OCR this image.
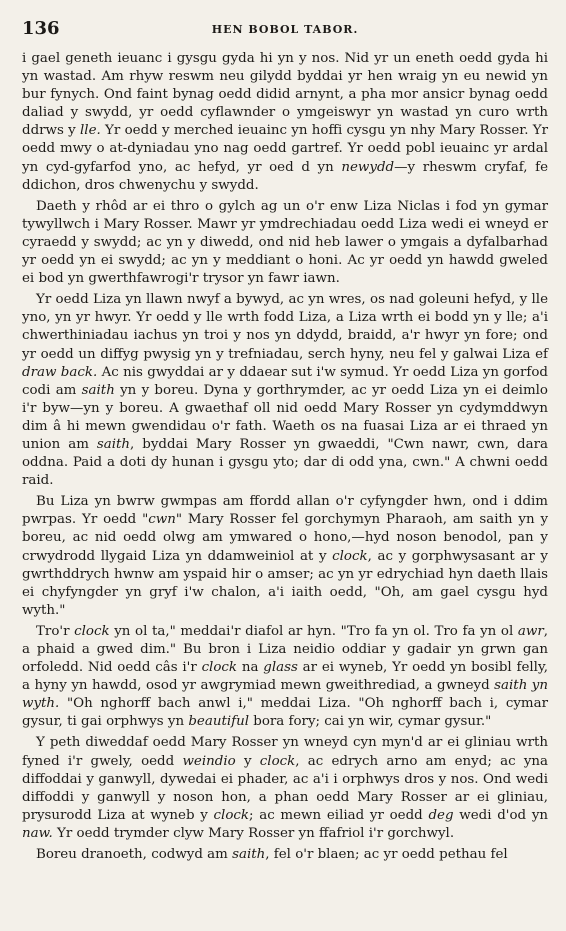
136	HEN BOBOL TABOR.

i gael geneth ieuanc i gysgu gyda hi yn y nos. Nid yr un eneth oedd gyda hi yn wastad. Am rhyw reswm neu gilydd byddai yr hen wraig yn eu newid yn bur fynych. Ond faint bynag oedd didid arnynt, a pha mor ansicr bynag oedd daliad y swydd, yr oedd cyflawnder o ymgeiswyr yn wastad yn curo wrth ddrws y lle. Yr oedd y merched ieuainc yn hoffi cysgu yn nhy Mary Rosser. Yr oedd mwy o at-dyniadau yno nag oedd gartref. Yr oedd pobl ieuainc yr ardal yn cyd-gyfarfod yno, ac hefyd, yr oed d yn newydd—y rheswm cryfaf, fe ddichon, dros chwenychu y swydd.

Daeth y rhôd ar ei thro o gylch ag un o'r enw Liza Niclas i fod yn gymar tywyllwch i Mary Rosser. Mawr yr ymdrechiadau oedd Liza wedi ei wneyd er cyraedd y swydd; ac yn y diwedd, ond nid heb lawer o ymgais a dyfalbarhad yr oedd yn ei swydd; ac yn y meddiant o honi. Ac yr oedd yn hawdd gweled ei bod yn gwerthfawrogi'r trysor yn fawr iawn.

Yr oedd Liza yn llawn nwyf a bywyd, ac yn wres, os nad goleuni hefyd, y lle yno, yn yr hwyr. Yr oedd y lle wrth fodd Liza, a Liza wrth ei bodd yn y lle; a'i chwerthiniadau iachus yn troi y nos yn ddydd, braidd, a'r hwyr yn fore; ond yr oedd un diffyg pwysig yn y trefniadau, serch hyny, neu fel y galwai Liza ef draw back. Ac nis gwyddai ar y ddaear sut i'w symud. Yr oedd Liza yn gorfod codi am saith yn y boreu. Dyna y gorthrymder, ac yr oedd Liza yn ei deimlo i'r byw—yn y boreu. A gwaethaf oll nid oedd Mary Rosser yn cydymddwyn dim â hi mewn gwendidau o'r fath. Waeth os na fuasai Liza ar ei thraed yn union am saith, byddai Mary Rosser yn gwaeddi, "Cwn nawr, cwn, dara oddna. Paid a doti dy hunan i gysgu yto; dar di odd yna, cwn." A chwni oedd raid.

Bu Liza yn bwrw gwmpas am ffordd allan o'r cyfyngder hwn, ond i ddim pwrpas. Yr oedd "cwn" Mary Rosser fel gorchymyn Pharaoh, am saith yn y boreu, ac nid oedd olwg am ymwared o hono,—hyd noson benodol, pan y crwydrodd llygaid Liza yn ddamweiniol at y clock, ac y gorphwysasant ar y gwrthddrych hwnw am yspaid hir o amser; ac yn yr edrychiad hyn daeth llais ei chyfyngder yn gryf i'w chalon, a'i iaith oedd, "Oh, am gael cysgu hyd wyth."

Tro'r clock yn ol ta," meddai'r diafol ar hyn. "Tro fa yn ol. Tro fa yn ol awr, a phaid a gwed dim." Bu bron i Liza neidio oddiar y gadair yn grwn gan orfoledd. Nid oedd câs i'r clock na glass ar ei wyneb, Yr oedd yn bosibl felly, a hyny yn hawdd, osod yr awgrymiad mewn gweithrediad, a gwneyd saith yn wyth. "Oh nghorff bach anwl i," meddai Liza. "Oh nghorff bach i, cymar gysur, ti gai orphwys yn beautiful bora fory; cai yn wir, cymar gysur."

Y peth diweddaf oedd Mary Rosser yn wneyd cyn myn'd ar ei gliniau wrth fyned i'r gwely, oedd weindio y clock, ac edrych arno am enyd; ac yna diffoddai y ganwyll, dywedai ei phader, ac a'i i orphwys dros y nos. Ond wedi diffoddi y ganwyll y noson hon, a phan oedd Mary Rosser ar ei gliniau, prysurodd Liza at wyneb y clock; ac mewn eiliad yr oedd deg wedi d'od yn naw. Yr oedd trymder clyw Mary Rosser yn ffafriol i'r gorchwyl.

Boreu dranoeth, codwyd am saith, fel o'r blaen; ac yr oedd pethau fel
